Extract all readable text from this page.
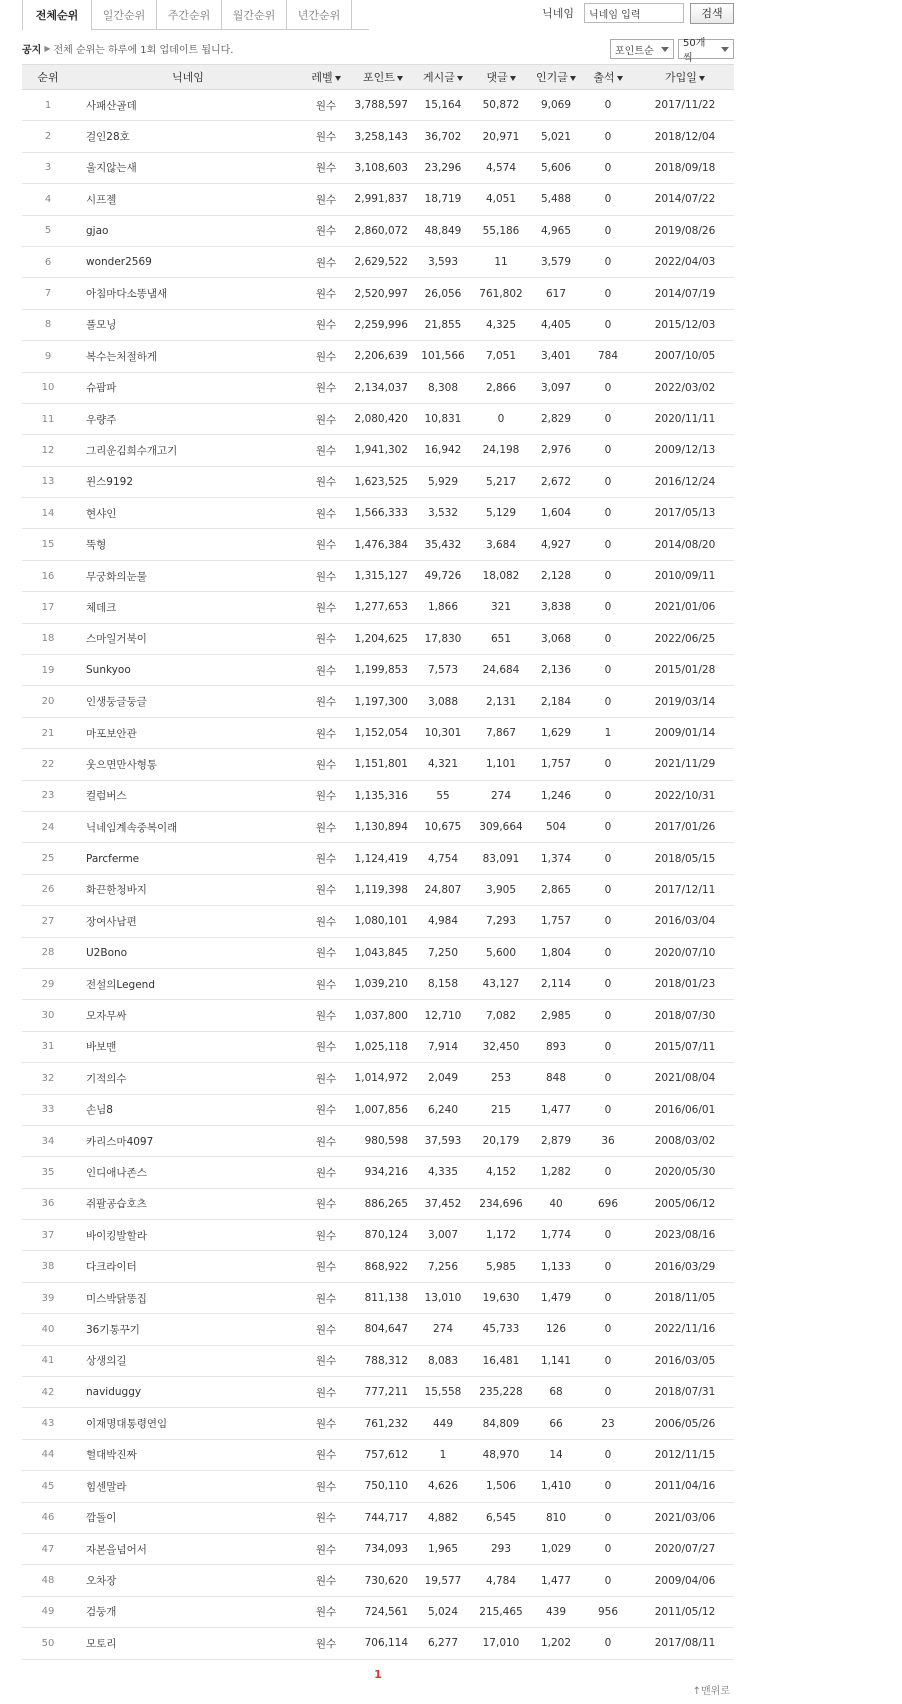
전체순위	일간순위	주간순위	월간순위	년간순위	닉네임
닉네임 입력	검색
공지 ▶ 전체 순위는 하루에 1회 업데이트 됩니다.	포인트순
50개씩
순위	닉네임	레벨	포인트	게시글	댓글	인기글	출석	가입일
1	사패산골데	원수	3,788,597	15,164	50,872	9,069	0	2017/11/22
2	걸인28호	원수	3,258,143	36,702	20,971	5,021	0	2018/12/04
3	울지않는새	원수	3,108,603	23,296	4,574	5,606	0	2018/09/18
4	시프젤	원수	2,991,837	18,719	4,051	5,488	0	2014/07/22
5	gjao	원수	2,860,072	48,849	55,186	4,965	0	2019/08/26
6	wonder2569	원수	2,629,522	3,593	11	3,579	0	2022/04/03
7	아침마다소똥냄새	원수	2,520,997	26,056	761,802	617	0	2014/07/19
8	풀모닝	원수	2,259,996	21,855	4,325	4,405	0	2015/12/03
9	복수는처절하게	원수	2,206,639	101,566	7,051	3,401	784	2007/10/05
10	슈팜파	원수	2,134,037	8,308	2,866	3,097	0	2022/03/02
11	우량주	원수	2,080,420	10,831	0	2,829	0	2020/11/11
12	그리운김희수개고기	원수	1,941,302	16,942	24,198	2,976	0	2009/12/13
13	윈스9192	원수	1,623,525	5,929	5,217	2,672	0	2016/12/24
14	현샤인	원수	1,566,333	3,532	5,129	1,604	0	2017/05/13
15	뚝형	원수	1,476,384	35,432	3,684	4,927	0	2014/08/20
16	무궁화의눈물	원수	1,315,127	49,726	18,082	2,128	0	2010/09/11
17	체데크	원수	1,277,653	1,866	321	3,838	0	2021/01/06
18	스마일거북이	원수	1,204,625	17,830	651	3,068	0	2022/06/25
19	Sunkyoo	원수	1,199,853	7,573	24,684	2,136	0	2015/01/28
20	인생둥글둥글	원수	1,197,300	3,088	2,131	2,184	0	2019/03/14
21	마포보안관	원수	1,152,054	10,301	7,867	1,629	1	2009/01/14
22	웃으면만사형통	원수	1,151,801	4,321	1,101	1,757	0	2021/11/29
23	컬럼버스	원수	1,135,316	55	274	1,246	0	2022/10/31
24	닉네임계속중복이래	원수	1,130,894	10,675	309,664	504	0	2017/01/26
25	Parcferme	원수	1,124,419	4,754	83,091	1,374	0	2018/05/15
26	화끈한청바지	원수	1,119,398	24,807	3,905	2,865	0	2017/12/11
27	장여사남편	원수	1,080,101	4,984	7,293	1,757	0	2016/03/04
28	U2Bono	원수	1,043,845	7,250	5,600	1,804	0	2020/07/10
29	전설의Legend	원수	1,039,210	8,158	43,127	2,114	0	2018/01/23
30	모자무싸	원수	1,037,800	12,710	7,082	2,985	0	2018/07/30
31	바보맨	원수	1,025,118	7,914	32,450	893	0	2015/07/11
32	기적의수	원수	1,014,972	2,049	253	848	0	2021/08/04
33	손님8	원수	1,007,856	6,240	215	1,477	0	2016/06/01
34	카리스마4097	원수	980,598	37,593	20,179	2,879	36	2008/03/02
35	인디애나존스	원수	934,216	4,335	4,152	1,282	0	2020/05/30
36	쥐팔공습호츠	원수	886,265	37,452	234,696	40	696	2005/06/12
37	바이킹발할라	원수	870,124	3,007	1,172	1,774	0	2023/08/16
38	다크라이터	원수	868,922	7,256	5,985	1,133	0	2016/03/29
39	미스박닭똥집	원수	811,138	13,010	19,630	1,479	0	2018/11/05
40	36기통꾸기	원수	804,647	274	45,733	126	0	2022/11/16
41	상생의길	원수	788,312	8,083	16,481	1,141	0	2016/03/05
42	naviduggy	원수	777,211	15,558	235,228	68	0	2018/07/31
43	이재명대통령연임	원수	761,232	449	84,809	66	23	2006/05/26
44	헐대박진짜	원수	757,612	1	48,970	14	0	2012/11/15
45	힘센말라	원수	750,110	4,626	1,506	1,410	0	2011/04/16
46	깜돌이	원수	744,717	4,882	6,545	810	0	2021/03/06
47	자본을넘어서	원수	734,093	1,965	293	1,029	0	2020/07/27
48	오차장	원수	730,620	19,577	4,784	1,477	0	2009/04/06
49	검둥개	원수	724,561	5,024	215,465	439	956	2011/05/12
50	모토리	원수	706,114	6,277	17,010	1,202	0	2017/08/11
1
↑맨위로
